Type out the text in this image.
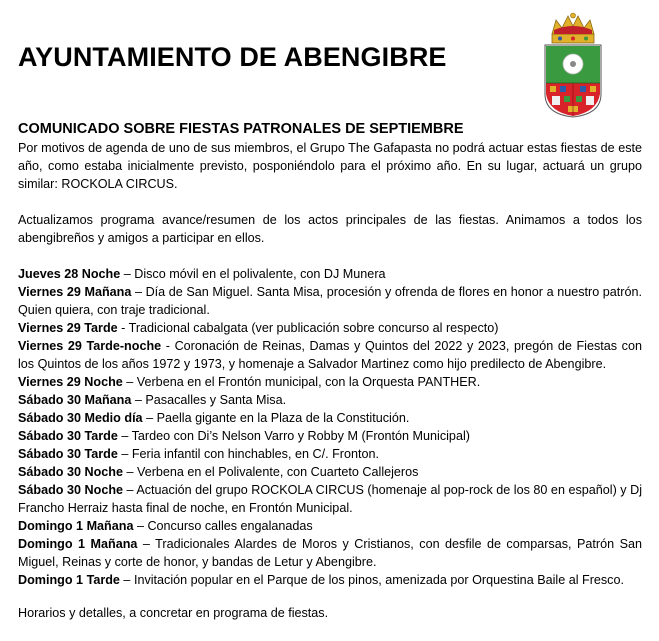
AYUNTAMIENTO DE ABENGIBRE
COMUNICADO SOBRE FIESTAS PATRONALES DE SEPTIEMBRE

Por motivos de agenda de uno de sus miembros, el Grupo The Gafapasta no podrá actuar estas fiestas de este año, como estaba inicialmente previsto, posponiéndolo para el próximo año. En su lugar, actuará un grupo similar: ROCKOLA CIRCUS.

Actualizamos programa avance/resumen de los actos principales de las fiestas. Animamos a todos los abengibreños y amigos a participar en ellos.

Jueves 28 Noche – Disco móvil en el polivalente, con DJ Munera

Viernes 29 Mañana – Día de San Miguel. Santa Misa, procesión y ofrenda de flores en honor a nuestro patrón. Quien quiera, con traje tradicional.

Viernes 29 Tarde - Tradicional cabalgata (ver publicación sobre concurso al respecto)

Viernes 29 Tarde-noche - Coronación de Reinas, Damas y Quintos del 2022 y 2023, pregón de Fiestas con los Quintos de los años 1972 y 1973, y homenaje a Salvador Martinez como hijo predilecto de Abengibre.

Viernes 29 Noche – Verbena en el Frontón municipal, con la Orquesta PANTHER.

Sábado 30 Mañana – Pasacalles y Santa Misa.

Sábado 30 Medio día – Paella gigante en la Plaza de la Constitución.

Sábado 30 Tarde – Tardeo con Di’s Nelson Varro y Robby M (Frontón Municipal)

Sábado 30 Tarde – Feria infantil con hinchables, en C/. Fronton.

Sábado 30 Noche – Verbena en el Polivalente, con Cuarteto Callejeros

Sábado 30 Noche – Actuación del grupo ROCKOLA CIRCUS (homenaje al pop-rock de los 80 en español) y Dj Francho Herraiz hasta final de noche, en Frontón Municipal.

Domingo 1 Mañana – Concurso calles engalanadas

Domingo 1 Mañana – Tradicionales Alardes de Moros y Cristianos, con desfile de comparsas, Patrón San Miguel, Reinas y corte de honor, y bandas de Letur y Abengibre.

Domingo 1 Tarde – Invitación popular en el Parque de los pinos, amenizada por Orquestina Baile al Fresco.

Horarios y detalles, a concretar en programa de fiestas.
